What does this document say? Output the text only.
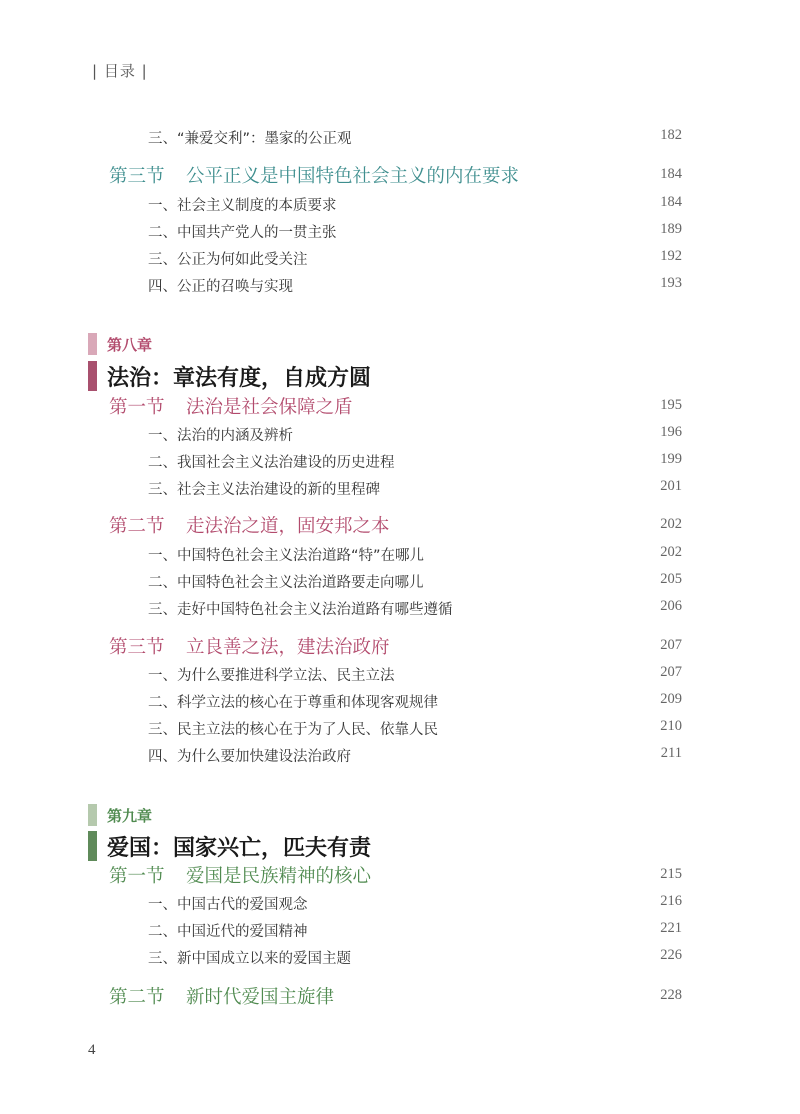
| 目录 |
三、“兼爱交利”：墨家的公正观	182
第三节 公平正义是中国特色社会主义的内在要求	184
一、社会主义制度的本质要求	184
二、中国共产党人的一贯主张	189
三、公正为何如此受关注	192
四、公正的召唤与实现	193
第八章
法治：章法有度，自成方圆
第一节 法治是社会保障之盾	195
一、法治的内涵及辨析	196
二、我国社会主义法治建设的历史进程	199
三、社会主义法治建设的新的里程碑	201
第二节 走法治之道，固安邦之本	202
一、中国特色社会主义法治道路“特”在哪儿	202
二、中国特色社会主义法治道路要走向哪儿	205
三、走好中国特色社会主义法治道路有哪些遵循	206
第三节 立良善之法，建法治政府	207
一、为什么要推进科学立法、民主立法	207
二、科学立法的核心在于尊重和体现客观规律	209
三、民主立法的核心在于为了人民、依靠人民	210
四、为什么要加快建设法治政府	211
第九章
爱国：国家兴亡，匹夫有责
第一节 爱国是民族精神的核心	215
一、中国古代的爱国观念	216
二、中国近代的爱国精神	221
三、新中国成立以来的爱国主题	226
第二节 新时代爱国主旋律	228
4
